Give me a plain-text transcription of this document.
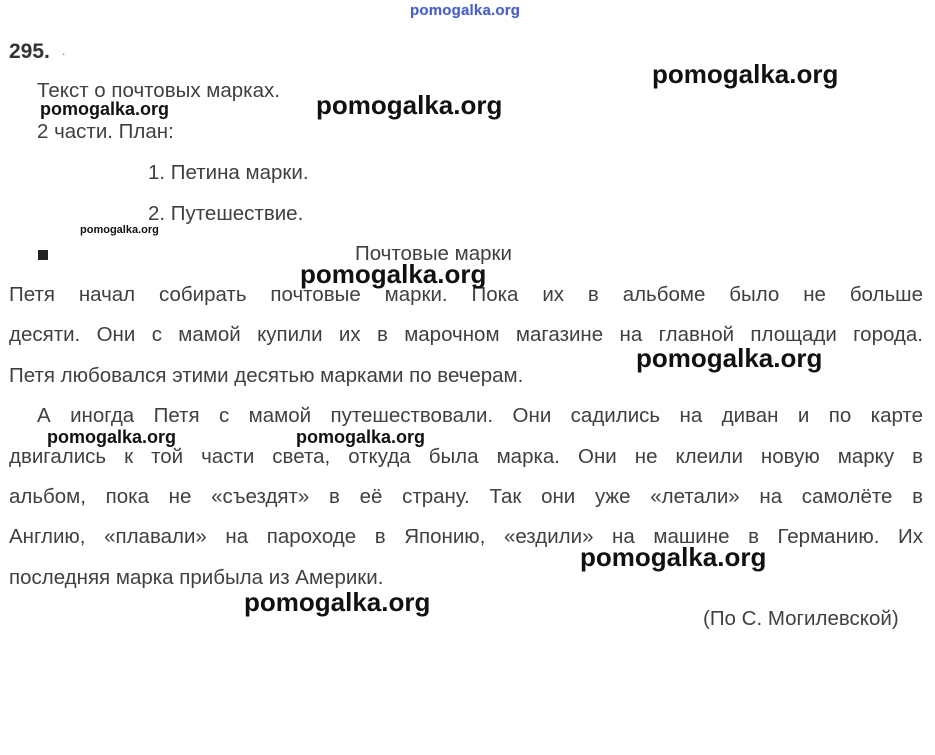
pomogalka.org
295. .
Текст о почтовых марках.
2 части. План:
1. Петина марки.
2. Путешествие.
Почтовые марки
Петя начал собирать почтовые марки. Пока их в альбоме было не больше
десяти. Они с мамой купили их в марочном магазине на главной площади города.
Петя любовался этими десятью марками по вечерам.
А иногда Петя с мамой путешествовали. Они садились на диван и по карте
двигались к той части света, откуда была марка. Они не клеили новую марку в
альбом, пока не «съездят» в её страну. Так они уже «летали» на самолёте в
Англию, «плавали» на пароходе в Японию, «ездили» на машине в Германию. Их
последняя марка прибыла из Америки.
(По С. Могилевской)
pomogalka.org
pomogalka.org	pomogalka.org
pomogalka.org
pomogalka.org
pomogalka.org
pomogalka.org	pomogalka.org
pomogalka.org
pomogalka.org
